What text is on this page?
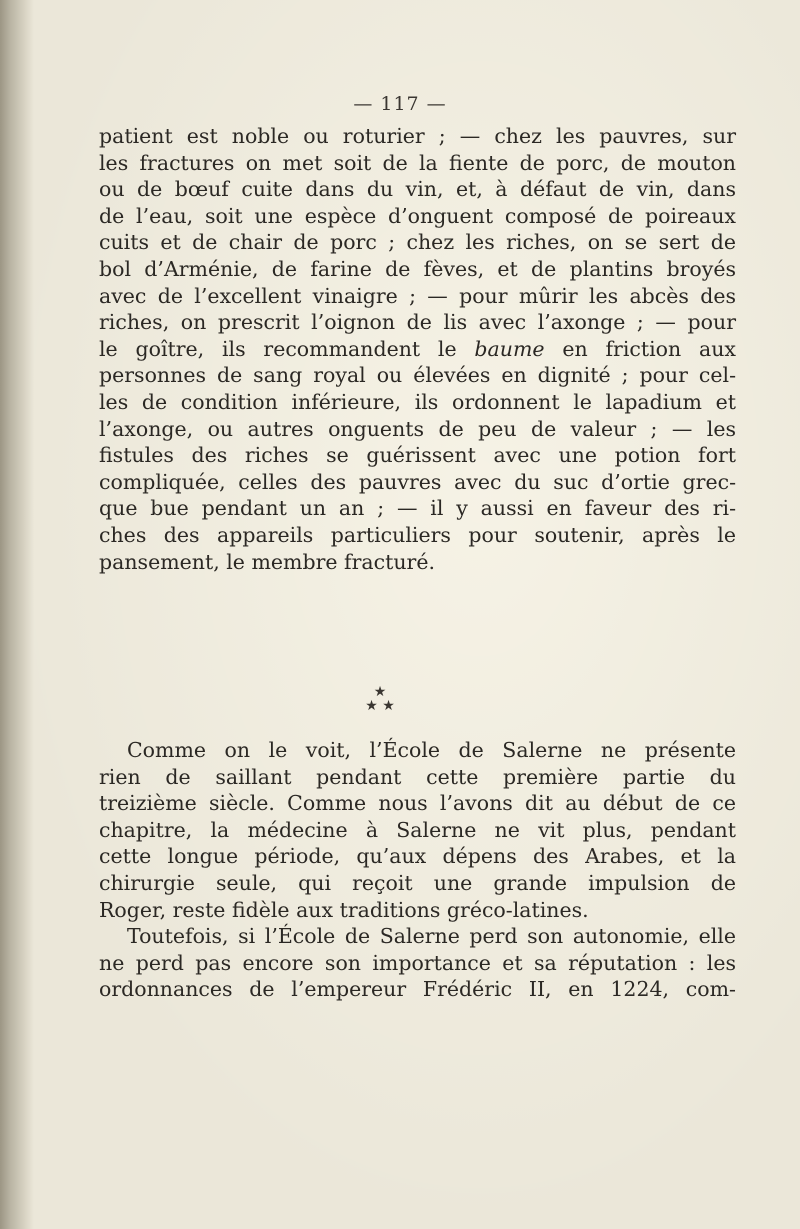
— 117 —

patient est noble ou roturier ; — chez les pauvres, sur
les fractures on met soit de la fiente de porc, de mouton
ou de bœuf cuite dans du vin, et, à défaut de vin, dans
de l’eau, soit une espèce d’onguent composé de poireaux
cuits et de chair de porc ; chez les riches, on se sert de
bol d’Arménie, de farine de fèves, et de plantins broyés
avec de l’excellent vinaigre ; — pour mûrir les abcès des
riches, on prescrit l’oignon de lis avec l’axonge ; — pour
le goître, ils recommandent le baume en friction aux
personnes de sang royal ou élevées en dignité ; pour cel-
les de condition inférieure, ils ordonnent le lapadium et
l’axonge, ou autres onguents de peu de valeur ; — les
fistules des riches se guérissent avec une potion fort
compliquée, celles des pauvres avec du suc d’ortie grec-
que bue pendant un an ; — il y aussi en faveur des ri-
ches des appareils particuliers pour soutenir, après le
pansement, le membre fracturé.

★
★ ★

Comme on le voit, l’École de Salerne ne présente
rien de saillant pendant cette première partie du
treizième siècle. Comme nous l’avons dit au début de ce
chapitre, la médecine à Salerne ne vit plus, pendant
cette longue période, qu’aux dépens des Arabes, et la
chirurgie seule, qui reçoit une grande impulsion de
Roger, reste fidèle aux traditions gréco-latines.
Toutefois, si l’École de Salerne perd son autonomie, elle
ne perd pas encore son importance et sa réputation : les
ordonnances de l’empereur Frédéric II, en 1224, com-
